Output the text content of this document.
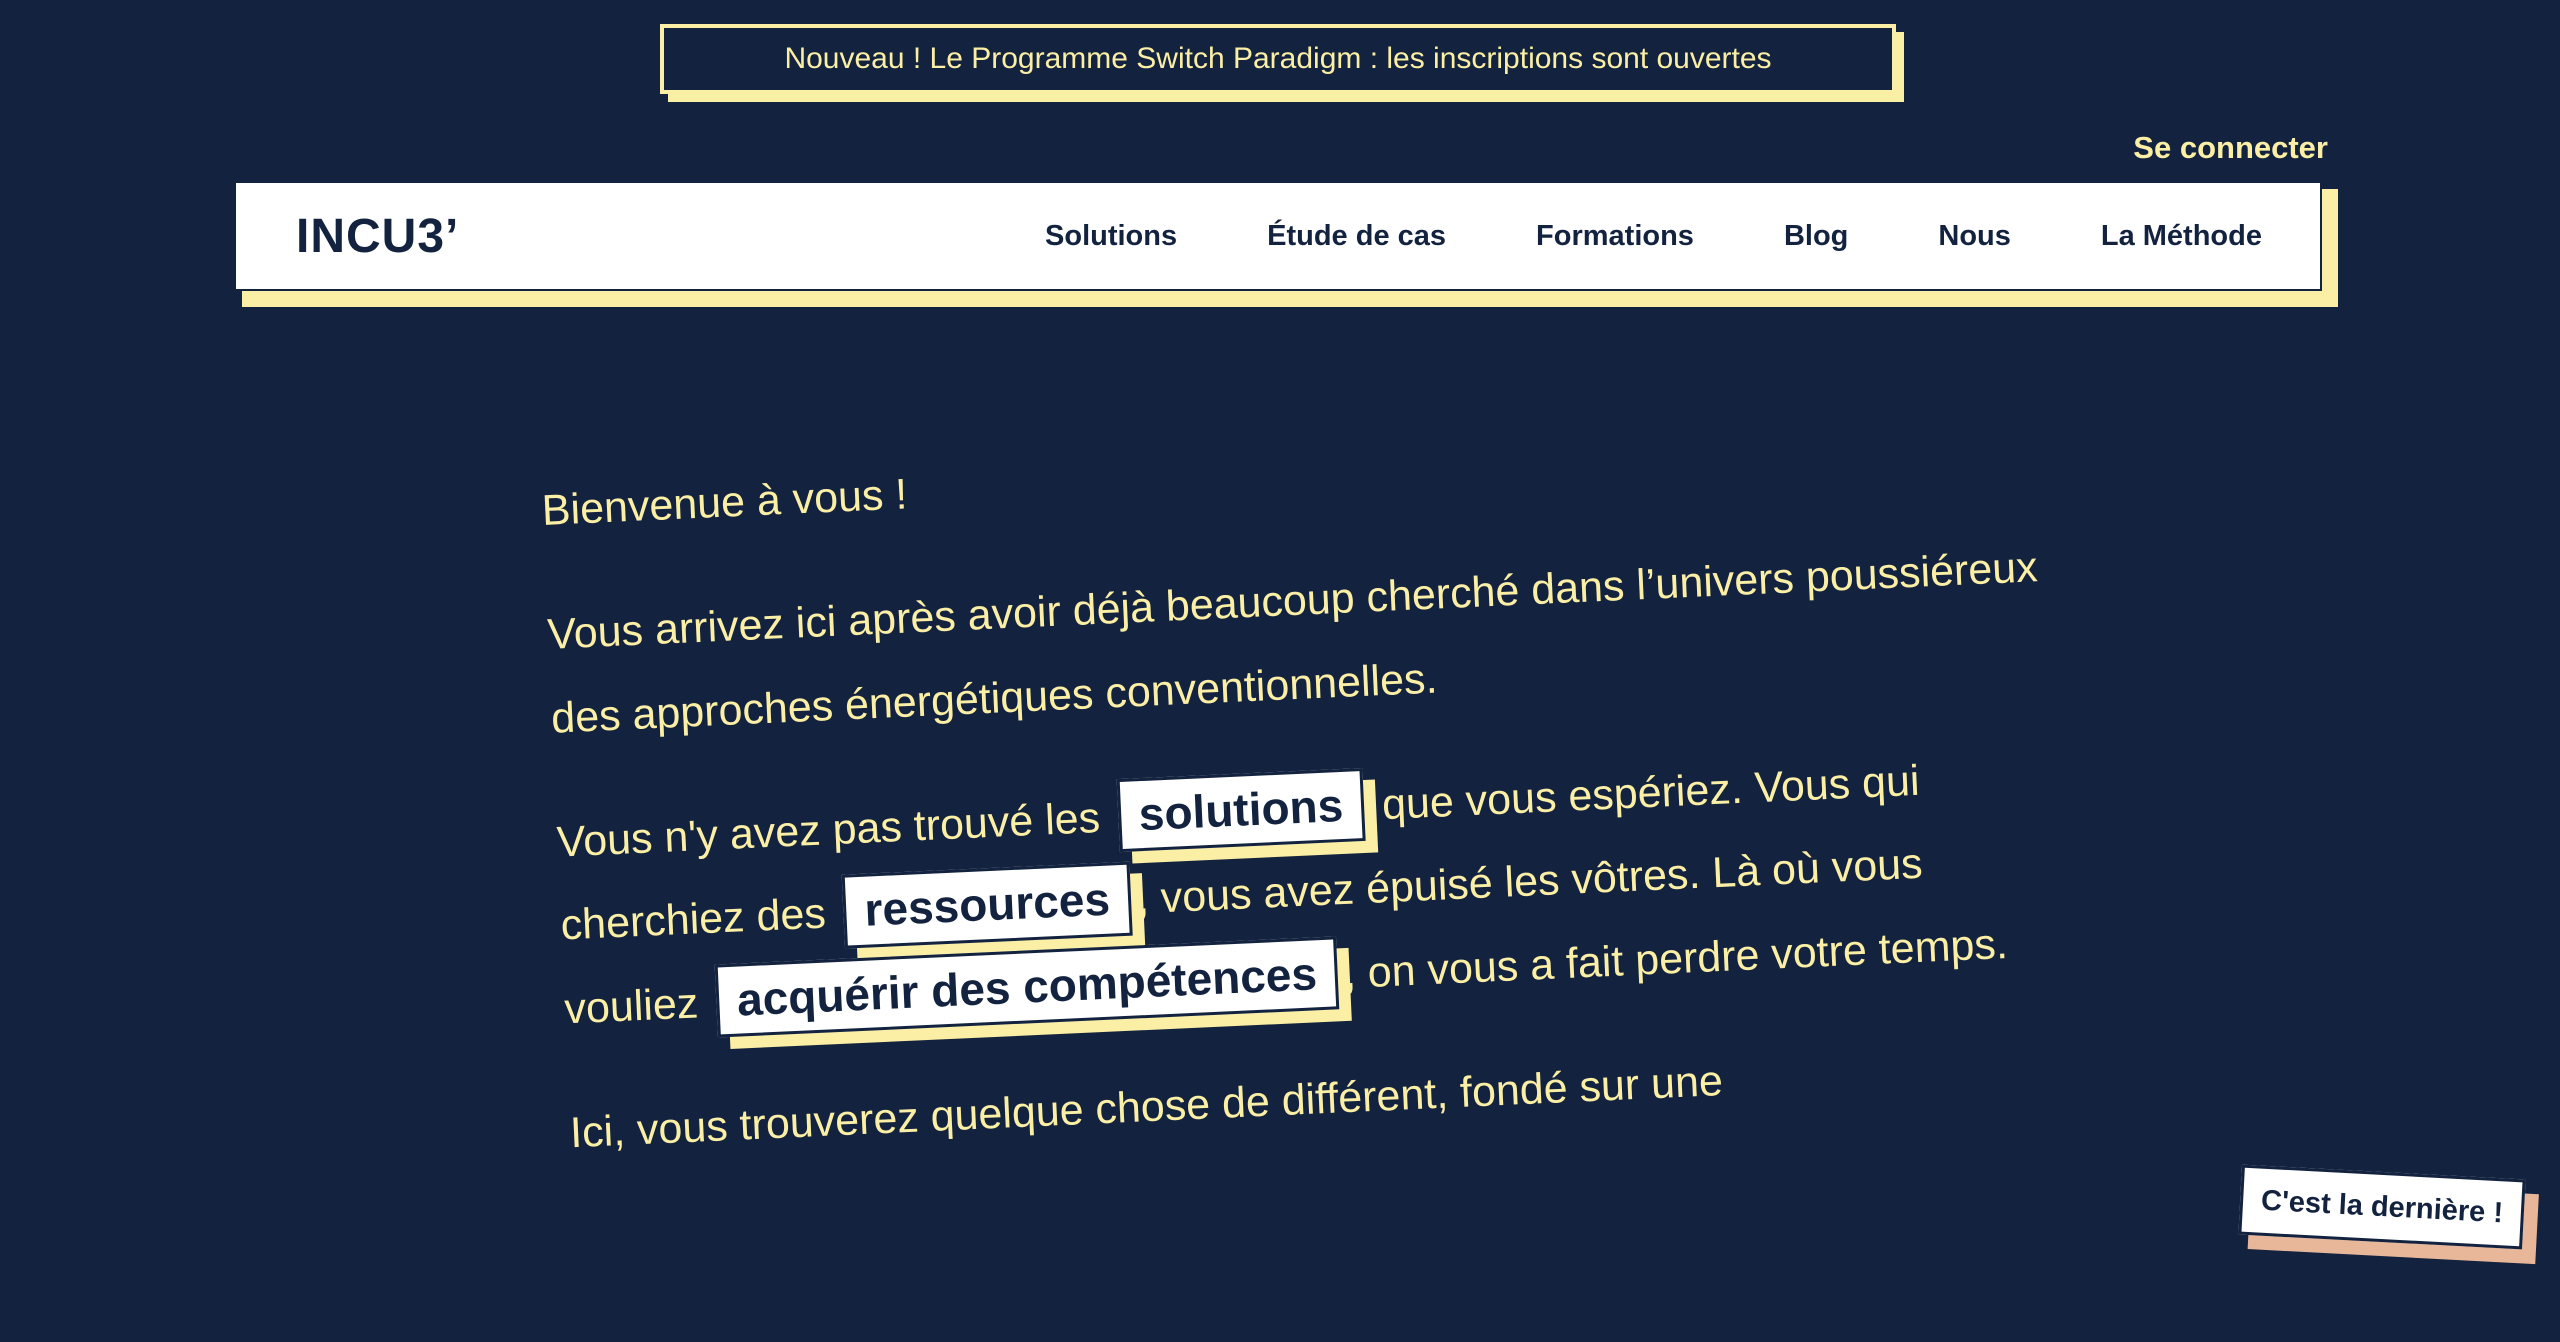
Nouveau ! Le Programme Switch Paradigm : les inscriptions sont ouvertes
Se connecter
INCU3’	Solutions	Étude de cas	Formations	Blog	Nous	La Méthode

Bienvenue à vous !

Vous arrivez ici après avoir déjà beaucoup cherché dans l’univers poussiéreux des approches énergétiques conventionnelles.

Vous n'y avez pas trouvé les solutions que vous espériez. Vous qui cherchiez des ressources , vous avez épuisé les vôtres. Là où vous vouliez acquérir des compétences , on vous a fait perdre votre temps.

Ici, vous trouverez quelque chose de différent, fondé sur une

C'est la dernière !
